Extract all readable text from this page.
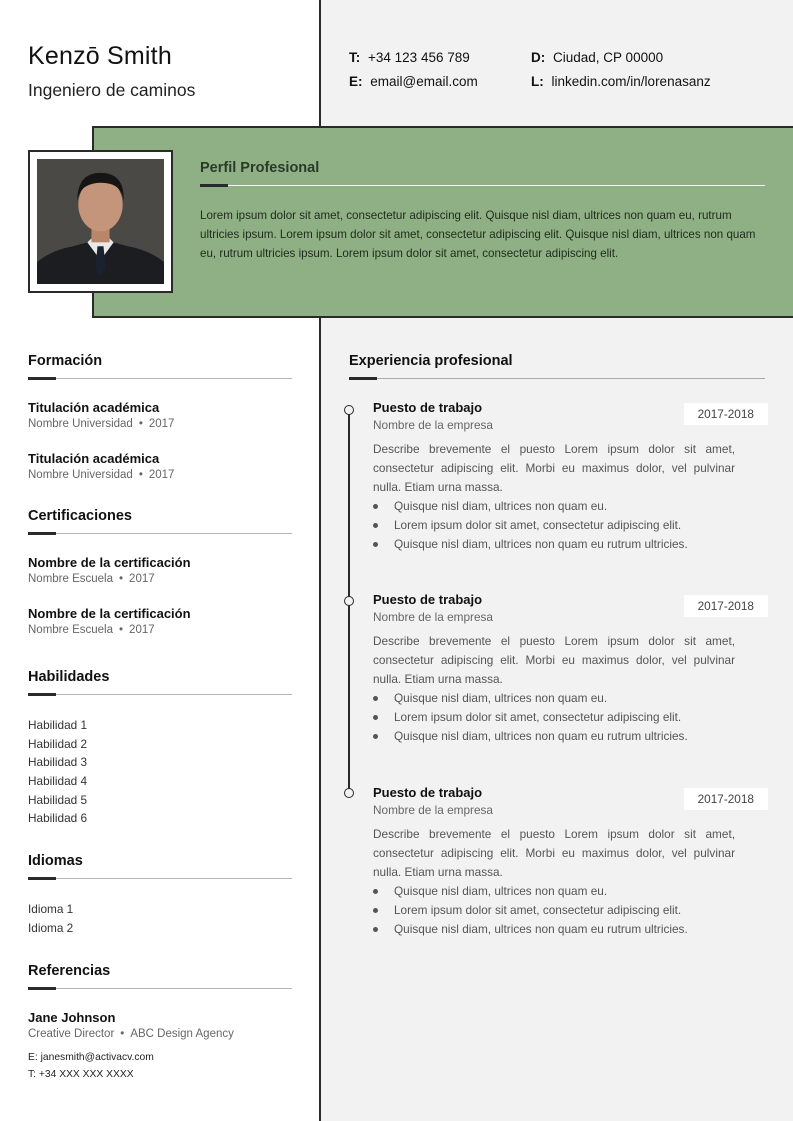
Kenzō Smith
Ingeniero de caminos
T: +34 123 456 789
E: email@email.com
D: Ciudad, CP 00000
L: linkedin.com/in/lorenasanz
Perfil Profesional
Lorem ipsum dolor sit amet, consectetur adipiscing elit. Quisque nisl diam, ultrices non quam eu, rutrum ultricies ipsum. Lorem ipsum dolor sit amet, consectetur adipiscing elit. Quisque nisl diam, ultrices non quam eu, rutrum ultricies ipsum. Lorem ipsum dolor sit amet, consectetur adipiscing elit.
Formación
Titulación académica
Nombre Universidad • 2017
Titulación académica
Nombre Universidad • 2017
Certificaciones
Nombre de la certificación
Nombre Escuela • 2017
Nombre de la certificación
Nombre Escuela • 2017
Habilidades
Habilidad 1
Habilidad 2
Habilidad 3
Habilidad 4
Habilidad 5
Habilidad 6
Idiomas
Idioma 1
Idioma 2
Referencias
Jane Johnson
Creative Director • ABC Design Agency
E: janesmith@activacv.com
T: +34 XXX XXX XXXX
Experiencia profesional
Puesto de trabajo
Nombre de la empresa
2017-2018
Describe brevemente el puesto Lorem ipsum dolor sit amet, consectetur adipiscing elit. Morbi eu maximus dolor, vel pulvinar nulla. Etiam urna massa.
Quisque nisl diam, ultrices non quam eu.
Lorem ipsum dolor sit amet, consectetur adipiscing elit.
Quisque nisl diam, ultrices non quam eu rutrum ultricies.
Puesto de trabajo
Nombre de la empresa
2017-2018
Describe brevemente el puesto Lorem ipsum dolor sit amet, consectetur adipiscing elit. Morbi eu maximus dolor, vel pulvinar nulla. Etiam urna massa.
Quisque nisl diam, ultrices non quam eu.
Lorem ipsum dolor sit amet, consectetur adipiscing elit.
Quisque nisl diam, ultrices non quam eu rutrum ultricies.
Puesto de trabajo
Nombre de la empresa
2017-2018
Describe brevemente el puesto Lorem ipsum dolor sit amet, consectetur adipiscing elit. Morbi eu maximus dolor, vel pulvinar nulla. Etiam urna massa.
Quisque nisl diam, ultrices non quam eu.
Lorem ipsum dolor sit amet, consectetur adipiscing elit.
Quisque nisl diam, ultrices non quam eu rutrum ultricies.
